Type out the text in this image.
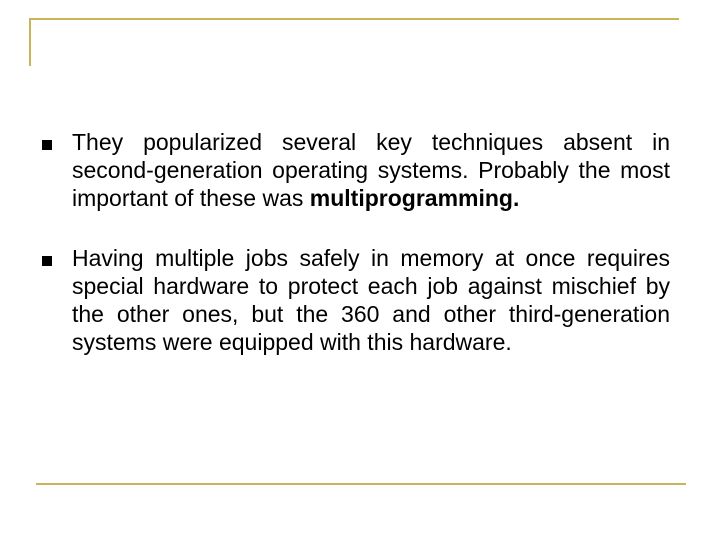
They popularized several key techniques absent in second-generation operating systems. Probably the most important of these was multiprogramming.
Having multiple jobs safely in memory at once requires special hardware to protect each job against mischief by the other ones, but the 360 and other third-generation systems were equipped with this hardware.
